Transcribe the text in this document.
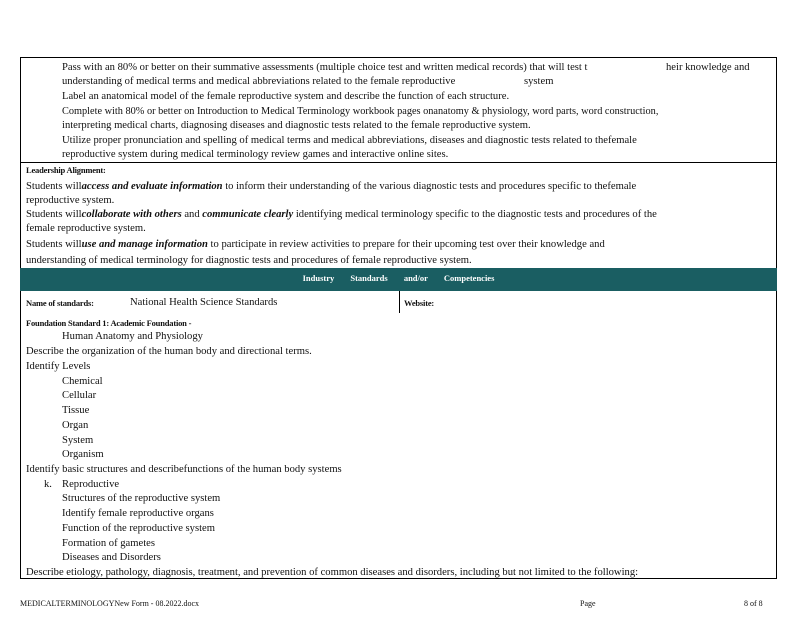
Pass with an 80% or better on their summative assessments (multiple choice test and written medical records) that will test t	heir knowledge and
understanding of medical terms and medical abbreviations related to the female reproductive	system
Label an anatomical model of the female reproductive system and describe the function of each structure.
Complete with 80% or better on Introduction to Medical Terminology workbook pages onanatomy & physiology, word parts, word construction,
interpreting medical charts, diagnosing diseases and diagnostic tests related to the female reproductive system.
Utilize proper pronunciation and spelling of medical terms and medical abbreviations, diseases and diagnostic tests related to thefemale
reproductive system during medical terminology review games and interactive online sites.
Leadership Alignment:
Students willaccess and evaluate information to inform their understanding of the various diagnostic tests and procedures specific to thefemale
reproductive system.
Students willcollaborate with others and communicate clearly identifying medical terminology specific to the diagnostic tests and procedures of the
female reproductive system.
Students willuse and manage information to participate in review activities to prepare for their upcoming test over their knowledge and
understanding of medical terminology for diagnostic tests and procedures of female reproductive system.
Industry Standards and/or Competencies
Name of standards:	National Health Science Standards	Website:
Foundation Standard 1: Academic Foundation -
Human Anatomy and Physiology
Describe the organization of the human body and directional terms.
Identify Levels
Chemical
Cellular
Tissue
Organ
System
Organism
Identify basic structures and describefunctions of the human body systems
k. Reproductive
Structures of the reproductive system
Identify female reproductive organs
Function of the reproductive system
Formation of gametes
Diseases and Disorders
Describe etiology, pathology, diagnosis, treatment, and prevention of common diseases and disorders, including but not limited to the following:
MEDICALTERMINOLOGYNew Form - 08.2022.docx	Page	8 of 8
